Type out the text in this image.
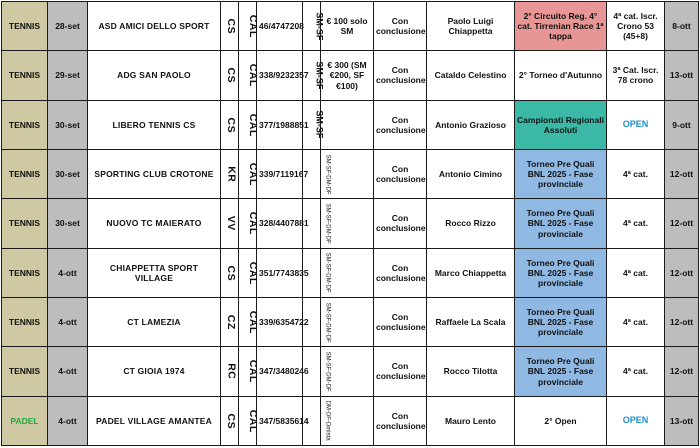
TENNIS	28-set	ASD AMICI DELLO SPORT	CS	CAL	46/4747208	SM-SF	€ 100 solo SM	Con conclusione	Paolo Luigi Chiappetta	2° Circuito Reg. 4° cat. Tirrenian Race 1ª tappa	4ª cat. Iscr. Crono 53 (45+8)	8-ott
TENNIS	29-set	ADG SAN PAOLO	CS	CAL	338/9232357	SM-SF	€ 300 (SM €200, SF €100)	Con conclusione	Cataldo Celestino	2° Torneo d'Autunno	3ª Cat. Iscr. 78 crono	13-ott
TENNIS	30-set	LIBERO TENNIS CS	CS	CAL	377/1988851	SM-SF		Con conclusione	Antonio Grazioso	Campionati Regionali Assoluti	OPEN	9-ott
TENNIS	30-set	SPORTING CLUB CROTONE	KR	CAL	339/7119167	SM-SF-DM-DF		Con conclusione	Antonio Cimino	Torneo Pre Quali BNL 2025 - Fase provinciale	4ª cat.	12-ott
TENNIS	30-set	NUOVO TC MAIERATO	VV	CAL	328/4407881	SM-SF-DM-DF		Con conclusione	Rocco Rizzo	Torneo Pre Quali BNL 2025 - Fase provinciale	4ª cat.	12-ott
TENNIS	4-ott	CHIAPPETTA SPORT VILLAGE	CS	CAL	351/7743835	SM-SF-DM-DF		Con conclusione	Marco Chiappetta	Torneo Pre Quali BNL 2025 - Fase provinciale	4ª cat.	12-ott
TENNIS	4-ott	CT LAMEZIA	CZ	CAL	339/6354722	SM-SF-DM-DF		Con conclusione	Raffaele La Scala	Torneo Pre Quali BNL 2025 - Fase provinciale	4ª cat.	12-ott
TENNIS	4-ott	CT GIOIA 1974	RC	CAL	347/3480246	SM-SF-DM-DF		Con conclusione	Rocco Tilotta	Torneo Pre Quali BNL 2025 - Fase provinciale	4ª cat.	12-ott
PADEL	4-ott	PADEL VILLAGE AMANTEA	CS	CAL	347/5835614	DM-DF-Dmista		Con conclusione	Mauro Lento	2° Open	OPEN	13-ott
